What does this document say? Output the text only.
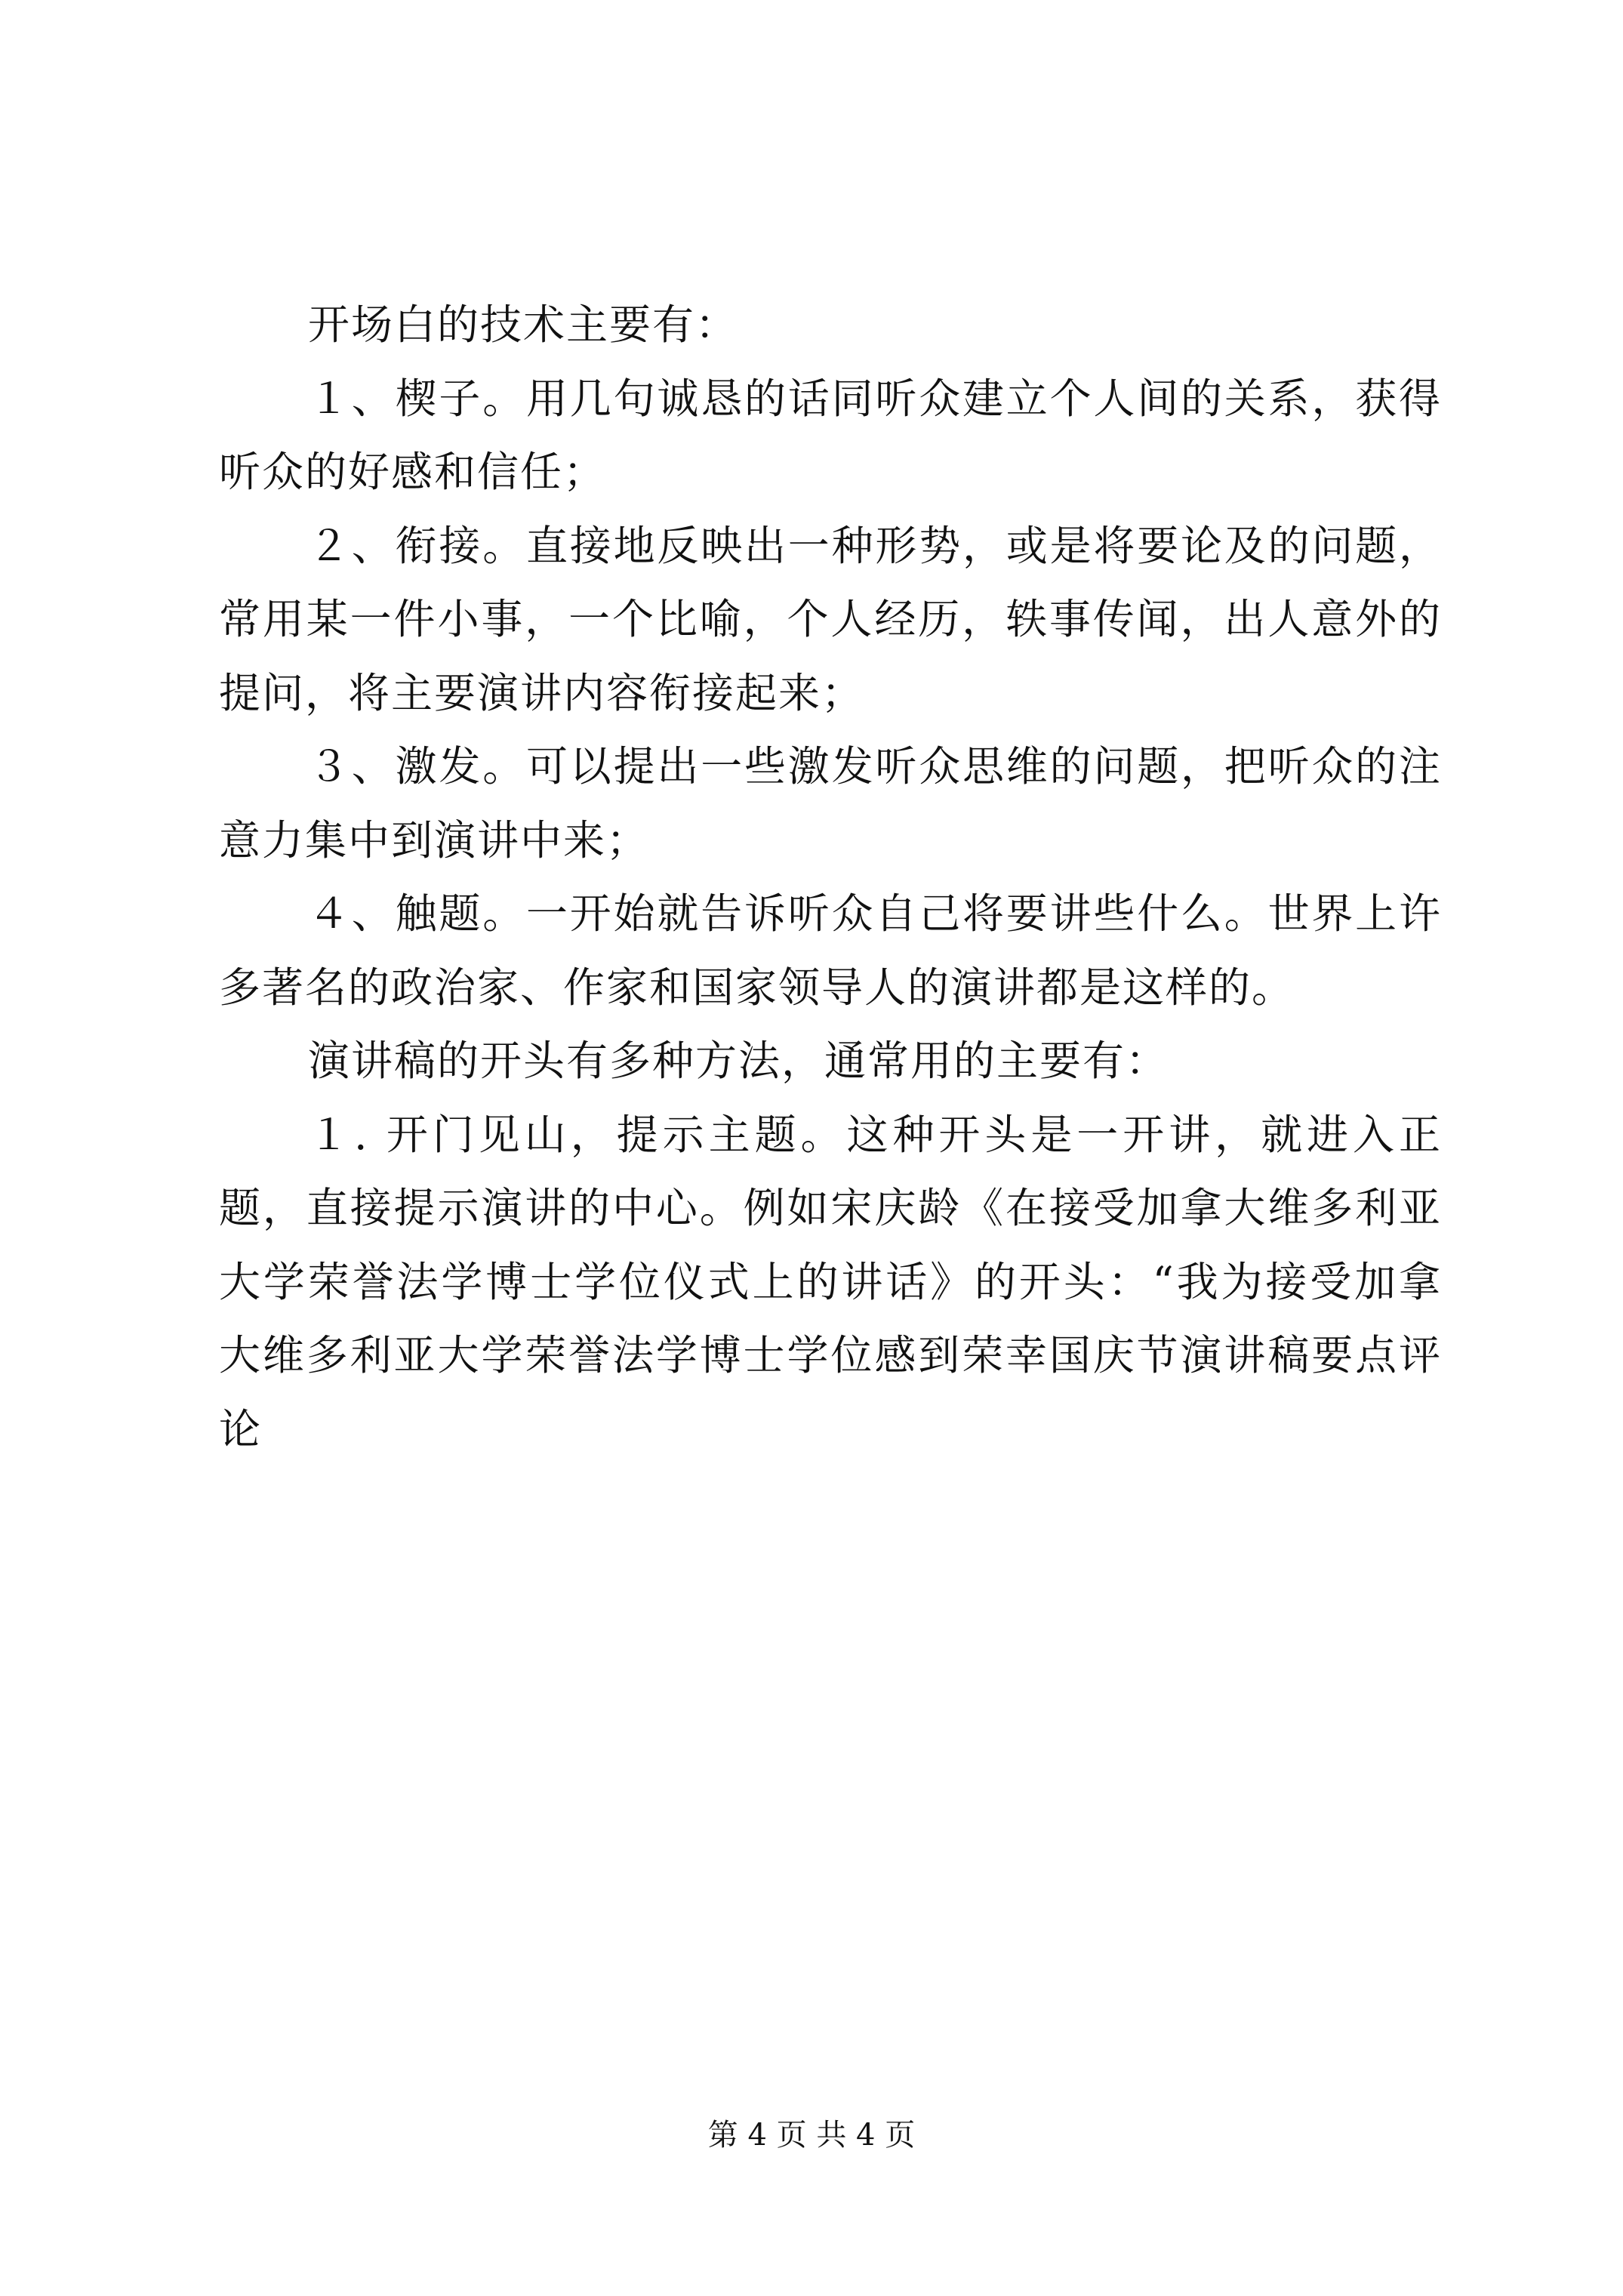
开场白的技术主要有：

１、楔子。用几句诚恳的话同听众建立个人间的关系，获得听众的好感和信任；

２、衔接。直接地反映出一种形势，或是将要论及的问题，常用某一件小事，一个比喻，个人经历，轶事传闻，出人意外的提问，将主要演讲内容衔接起来；

３、激发。可以提出一些激发听众思维的问题，把听众的注意力集中到演讲中来；

４、触题。一开始就告诉听众自己将要讲些什么。世界上许多著名的政治家、作家和国家领导人的演讲都是这样的。

演讲稿的开头有多种方法，通常用的主要有：

１. 开门见山，提示主题。这种开头是一开讲，就进入正题，直接提示演讲的中心。例如宋庆龄《在接受加拿大维多利亚大学荣誉法学博士学位仪式上的讲话》的开头：“我为接受加拿大维多利亚大学荣誉法学博士学位感到荣幸国庆节演讲稿要点评论

第 4 页 共 4 页
